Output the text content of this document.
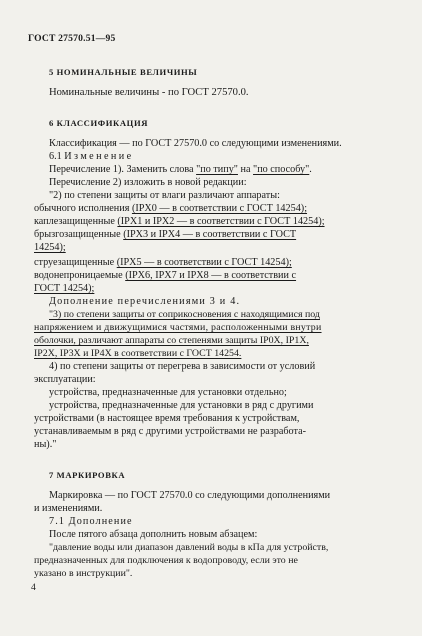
ГОСТ 27570.51—95
5 НОМИНАЛЬНЫЕ ВЕЛИЧИНЫ
Номинальные величины - по ГОСТ 27570.0.
6 КЛАССИФИКАЦИЯ
Классификация — по ГОСТ 27570.0 со следующими изменениями.
6.1 Изменение
Перечисление 1). Заменить слова "по типу" на "по способу".
Перечисление 2) изложить в новой редакции:
"2) по степени защиты от влаги различают аппараты:
обычного исполнения (IPX0 — в соответствии с ГОСТ 14254);
каплезащищенные (IPX1 и IPX2 — в соответствии с ГОСТ 14254);
брызгозащищенные (IPX3 и IPX4 — в соответствии с ГОСТ
14254);
струезащищенные (IPX5 — в соответствии с ГОСТ 14254);
водонепроницаемые (IPX6, IPX7 и IPX8 — в соответствии с
ГОСТ 14254);
Дополнение перечислениями 3 и 4.
"3) по степени защиты от соприкосновения с находящимися под
напряжением и движущимися частями, расположенными внутри
оболочки, различают аппараты со степенями защиты IP0X, IP1X,
IP2X, IP3X и IP4X в соответствии с ГОСТ 14254.
4) по степени защиты от перегрева в зависимости от условий
эксплуатации:
устройства, предназначенные для установки отдельно;
устройства, предназначенные для установки в ряд с другими
устройствами (в настоящее время требования к устройствам,
устанавливаемым в ряд с другими устройствами не разработа-
ны)."
7 МАРКИРОВКА
Маркировка — по ГОСТ 27570.0 со следующими дополнениями
и изменениями.
7.1 Дополнение
После пятого абзаца дополнить новым абзацем:
"давление воды или диапазон давлений воды в кПа для устройств,
предназначенных для подключения к водопроводу, если это не
указано в инструкции".
4
